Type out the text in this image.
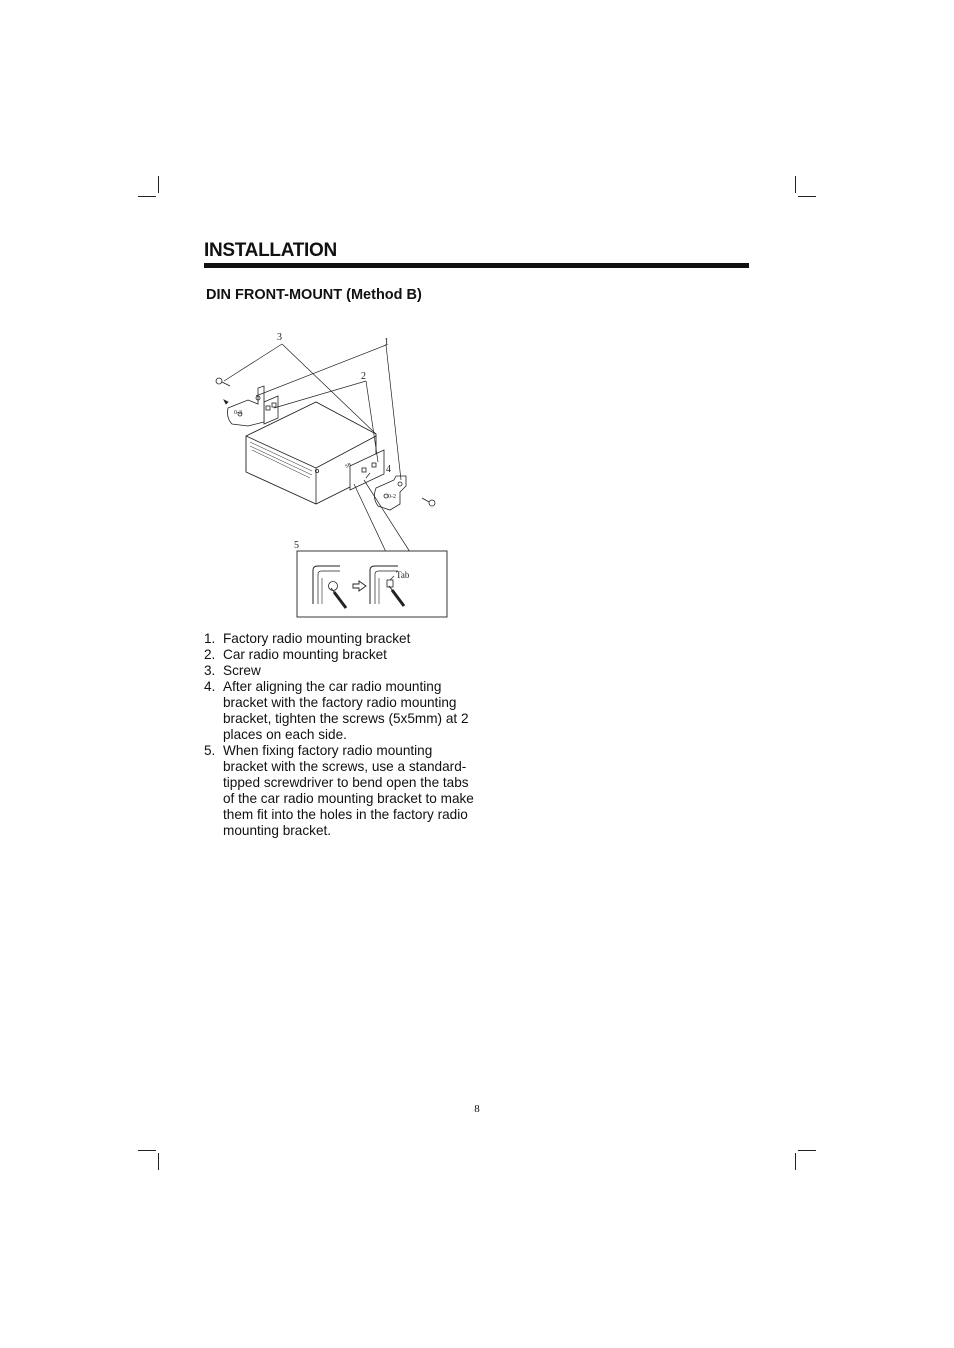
INSTALLATION
DIN FRONT-MOUNT (Method B)
0-2
SB
0-2
3	1
2
4
5
Tab
1. Factory radio mounting bracket
2. Car radio mounting bracket
3. Screw
4. After aligning the car radio mounting bracket with the factory radio mounting bracket, tighten the screws (5x5mm) at 2 places on each side.
5. When fixing factory radio mounting bracket with the screws, use a standard-tipped screwdriver to bend open the tabs of the car radio mounting bracket to make them fit into the holes in the factory radio mounting bracket.
8
